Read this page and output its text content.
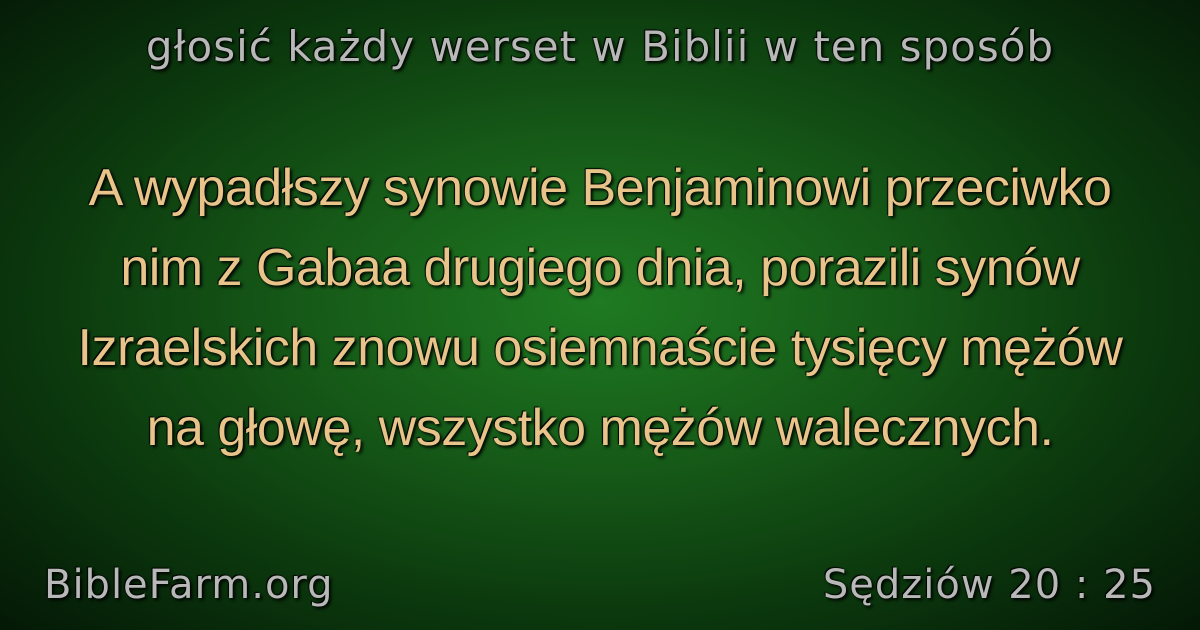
głosić każdy werset w Biblii w ten sposób
A wypadłszy synowie Benjaminowi przeciwko
nim z Gabaa drugiego dnia, porazili synów
Izraelskich znowu osiemnaście tysięcy mężów
na głowę, wszystko mężów walecznych.
BibleFarm.org	Sędziów 20 : 25
